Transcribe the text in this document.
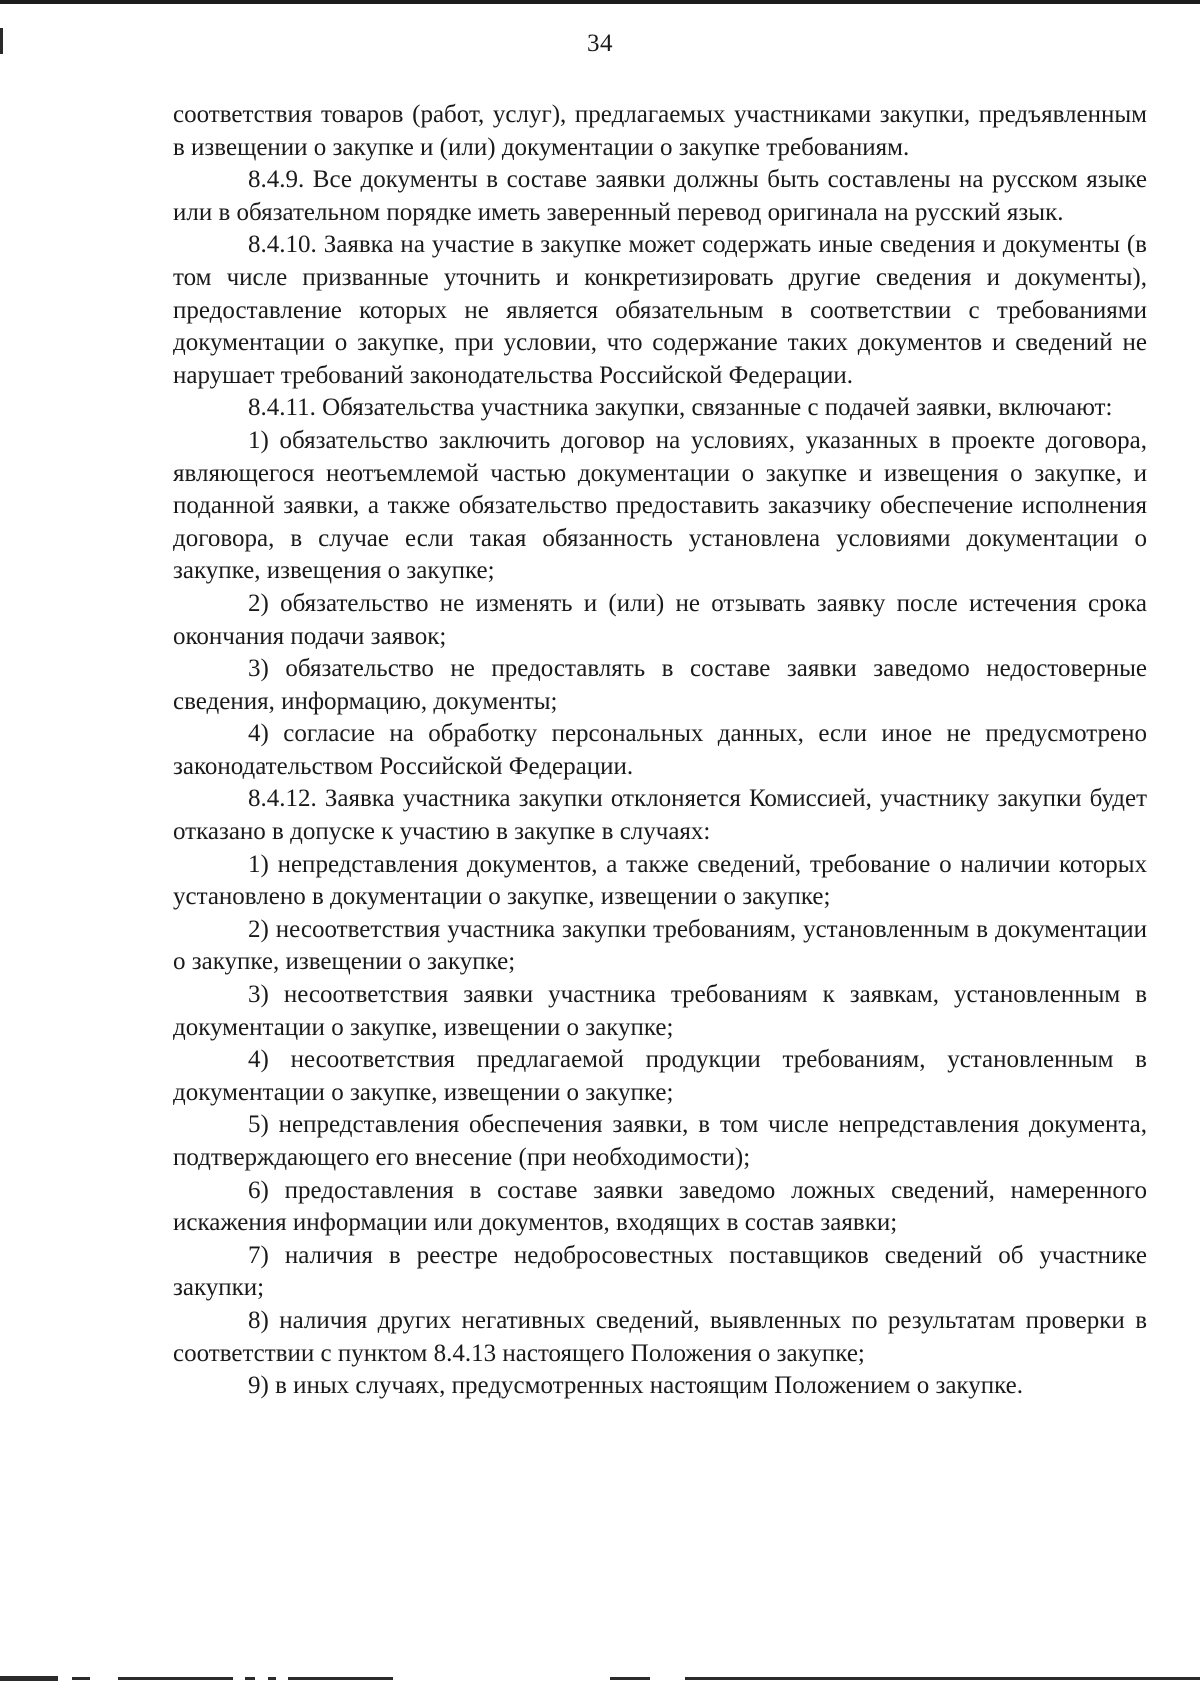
34

соответствия товаров (работ, услуг), предлагаемых участниками закупки, предъявленным в извещении о закупке и (или) документации о закупке требованиям.

8.4.9. Все документы в составе заявки должны быть составлены на русском языке или в обязательном порядке иметь заверенный перевод оригинала на русский язык.

8.4.10. Заявка на участие в закупке может содержать иные сведения и документы (в том числе призванные уточнить и конкретизировать другие сведения и документы), предоставление которых не является обязательным в соответствии с требованиями документации о закупке, при условии, что содержание таких документов и сведений не нарушает требований законодательства Российской Федерации.

8.4.11. Обязательства участника закупки, связанные с подачей заявки, включают:

1) обязательство заключить договор на условиях, указанных в проекте договора, являющегося неотъемлемой частью документации о закупке и извещения о закупке, и поданной заявки, а также обязательство предоставить заказчику обеспечение исполнения договора, в случае если такая обязанность установлена условиями документации о закупке, извещения о закупке;

2) обязательство не изменять и (или) не отзывать заявку после истечения срока окончания подачи заявок;

3) обязательство не предоставлять в составе заявки заведомо недостоверные сведения, информацию, документы;

4) согласие на обработку персональных данных, если иное не предусмотрено законодательством Российской Федерации.

8.4.12. Заявка участника закупки отклоняется Комиссией, участнику закупки будет отказано в допуске к участию в закупке в случаях:

1) непредставления документов, а также сведений, требование о наличии которых установлено в документации о закупке, извещении о закупке;

2) несоответствия участника закупки требованиям, установленным в документации о закупке, извещении о закупке;

3) несоответствия заявки участника требованиям к заявкам, установленным в документации о закупке, извещении о закупке;

4) несоответствия предлагаемой продукции требованиям, установленным в документации о закупке, извещении о закупке;

5) непредставления обеспечения заявки, в том числе непредставления документа, подтверждающего его внесение (при необходимости);

6) предоставления в составе заявки заведомо ложных сведений, намеренного искажения информации или документов, входящих в состав заявки;

7) наличия в реестре недобросовестных поставщиков сведений об участнике закупки;

8) наличия других негативных сведений, выявленных по результатам проверки в соответствии с пунктом 8.4.13 настоящего Положения о закупке;

9) в иных случаях, предусмотренных настоящим Положением о закупке.
